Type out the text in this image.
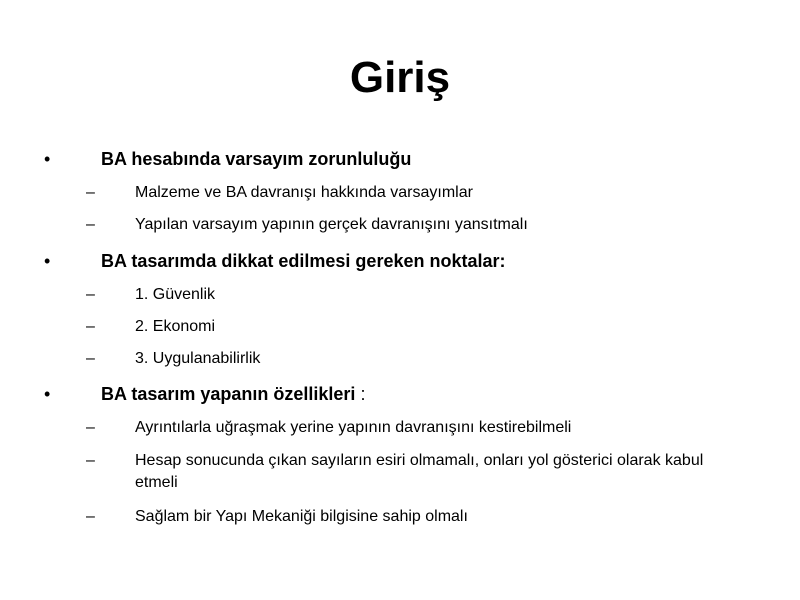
Giriş
•	BA hesabında varsayım zorunluluğu
–	Malzeme ve BA davranışı hakkında varsayımlar
–	Yapılan varsayım yapının gerçek davranışını yansıtmalı
•	BA tasarımda dikkat edilmesi gereken noktalar:
–	1. Güvenlik
–	2. Ekonomi
–	3. Uygulanabilirlik
•	BA tasarım yapanın özellikleri :
–	Ayrıntılarla uğraşmak yerine yapının davranışını kestirebilmeli
–	Hesap sonucunda çıkan sayıların esiri olmamalı, onları yol gösterici olarak kabul etmeli
–	Sağlam bir Yapı Mekaniği bilgisine sahip olmalı
